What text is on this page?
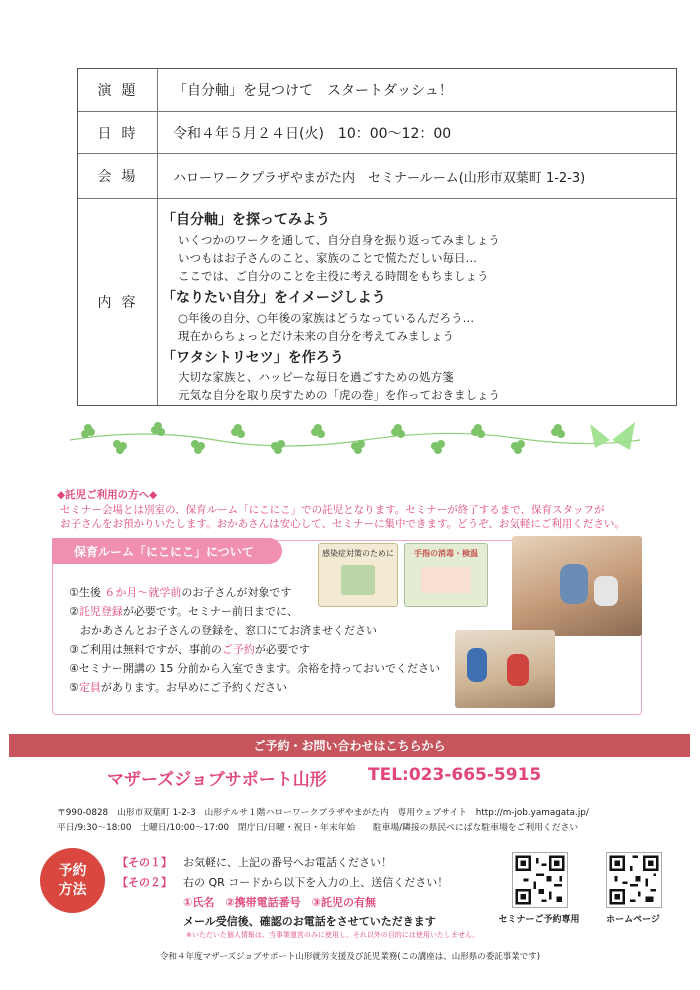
演題	「自分軸」を見つけて　スタートダッシュ！
日時	令和４年５月２４日(火)　10：00～12：00
会場	ハローワークプラザやまがた内　セミナールーム(山形市双葉町 1-2-3)
内容
「自分軸」を探ってみよう
いくつかのワークを通して、自分自身を振り返ってみましょう
いつもはお子さんのこと、家族のことで慌ただしい毎日…
ここでは、ご自分のことを主役に考える時間をもちましょう
「なりたい自分」をイメージしよう
○年後の自分、○年後の家族はどうなっているんだろう…
現在からちょっとだけ未来の自分を考えてみましょう
「ワタシトリセツ」を作ろう
大切な家族と、ハッピーな毎日を過ごすための処方箋
元気な自分を取り戻すための「虎の巻」を作っておきましょう
◆託児ご利用の方へ◆
セミナー会場とは別室の、保育ルーム「にこにこ」での託児となります。セミナーが終了するまで、保育スタッフが
お子さんをお預かりいたします。おかあさんは安心して、セミナーに集中できます。どうぞ、お気軽にご利用ください。
保育ルーム「にこにこ」について
①生後 ６か月～就学前のお子さんが対象です
②託児登録が必要です。セミナー前日までに、
　おかあさんとお子さんの登録を、窓口にてお済ませください
③ご利用は無料ですが、事前のご予約が必要です
④セミナー開講の 15 分前から入室できます。余裕を持っておいでください
⑤定員があります。お早めにご予約ください
感染症対策のために	手指の消毒・検温
ご予約・お問い合わせはこちらから
マザーズジョブサポート山形 TEL:023-665-5915
〒990-0828　山形市双葉町 1-2-3　山形テルサ１階ハローワークプラザやまがた内　専用ウェブサイト　http://m-job.yamagata.jp/
平日/9:30～18:00　土曜日/10:00～17:00　閉庁日/日曜・祝日・年末年始　　駐車場/隣接の県民ぺにばな駐車場をご利用ください
予約
方法
【その１】 お気軽に、上記の番号へお電話ください！
【その２】 右の QR コードから以下を入力の上、送信ください！
①氏名　②携帯電話番号　③託児の有無
メール受信後、確認のお電話をさせていただきます
※いただいた個人情報は、当事業運営のみに使用し、それ以外の目的には使用いたしません。
セミナーご予約専用	ホームページ
令和４年度マザーズジョブサポート山形就労支援及び託児業務(この講座は、山形県の委託事業です)
